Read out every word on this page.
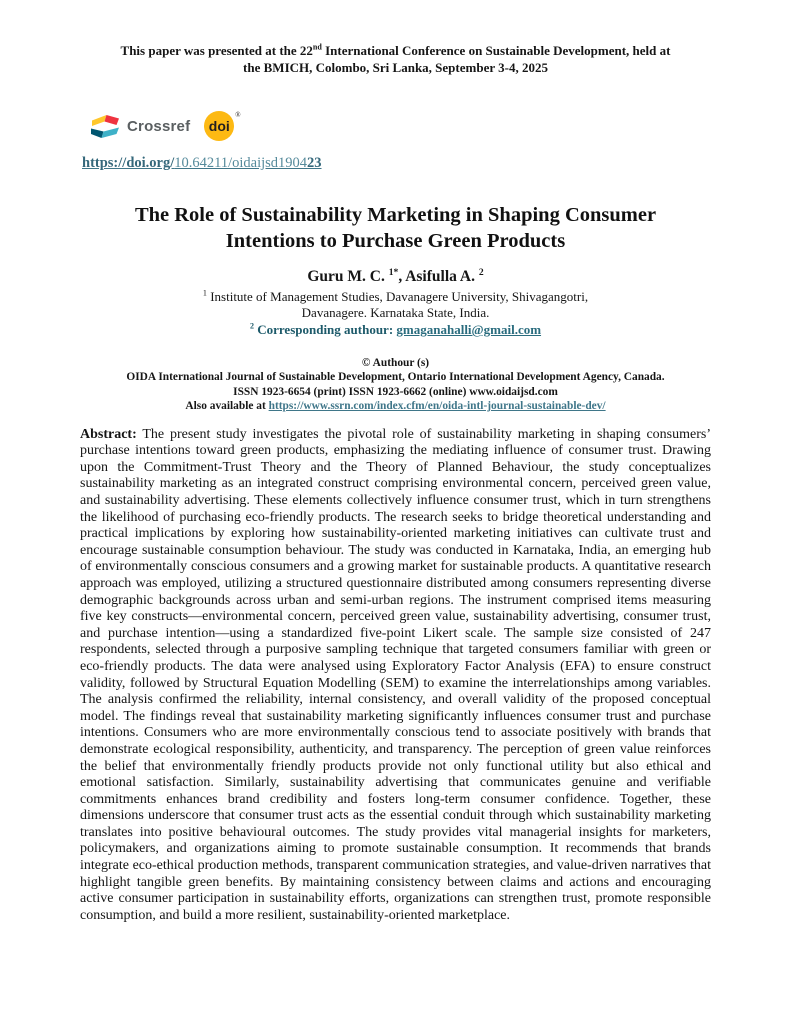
This paper was presented at the 22nd International Conference on Sustainable Development, held at the BMICH, Colombo, Sri Lanka, September 3-4, 2025
Crossref	doi
®
https://doi.org/10.64211/oidaijsd190423
The Role of Sustainability Marketing in Shaping Consumer Intentions to Purchase Green Products
Guru M. C. $^{1*}$, Asifulla A. $^2$
$^1$ Institute of Management Studies, Davanagere University, Shivagangotri,
Davanagere. Karnataka State, India.
$^2$ Corresponding authour: gmaganahalli@gmail.com
© Authour (s)
OIDA International Journal of Sustainable Development, Ontario International Development Agency, Canada.
ISSN 1923-6654 (print) ISSN 1923-6662 (online) www.oidaijsd.com
Also available at https://www.ssrn.com/index.cfm/en/oida-intl-journal-sustainable-dev/

Abstract: The present study investigates the pivotal role of sustainability marketing in shaping consumers’ purchase intentions toward green products, emphasizing the mediating influence of consumer trust. Drawing upon the Commitment-Trust Theory and the Theory of Planned Behaviour, the study conceptualizes sustainability marketing as an integrated construct comprising environmental concern, perceived green value, and sustainability advertising. These elements collectively influence consumer trust, which in turn strengthens the likelihood of purchasing eco-friendly products. The research seeks to bridge theoretical understanding and practical implications by exploring how sustainability-oriented marketing initiatives can cultivate trust and encourage sustainable consumption behaviour. The study was conducted in Karnataka, India, an emerging hub of environmentally conscious consumers and a growing market for sustainable products. A quantitative research approach was employed, utilizing a structured questionnaire distributed among consumers representing diverse demographic backgrounds across urban and semi-urban regions. The instrument comprised items measuring five key constructs—environmental concern, perceived green value, sustainability advertising, consumer trust, and purchase intention—using a standardized five-point Likert scale. The sample size consisted of 247 respondents, selected through a purposive sampling technique that targeted consumers familiar with green or eco-friendly products. The data were analysed using Exploratory Factor Analysis (EFA) to ensure construct validity, followed by Structural Equation Modelling (SEM) to examine the interrelationships among variables. The analysis confirmed the reliability, internal consistency, and overall validity of the proposed conceptual model. The findings reveal that sustainability marketing significantly influences consumer trust and purchase intentions. Consumers who are more environmentally conscious tend to associate positively with brands that demonstrate ecological responsibility, authenticity, and transparency. The perception of green value reinforces the belief that environmentally friendly products provide not only functional utility but also ethical and emotional satisfaction. Similarly, sustainability advertising that communicates genuine and verifiable commitments enhances brand credibility and fosters long-term consumer confidence. Together, these dimensions underscore that consumer trust acts as the essential conduit through which sustainability marketing translates into positive behavioural outcomes. The study provides vital managerial insights for marketers, policymakers, and organizations aiming to promote sustainable consumption. It recommends that brands integrate eco-ethical production methods, transparent communication strategies, and value-driven narratives that highlight tangible green benefits. By maintaining consistency between claims and actions and encouraging active consumer participation in sustainability efforts, organizations can strengthen trust, promote responsible consumption, and build a more resilient, sustainability-oriented marketplace.
